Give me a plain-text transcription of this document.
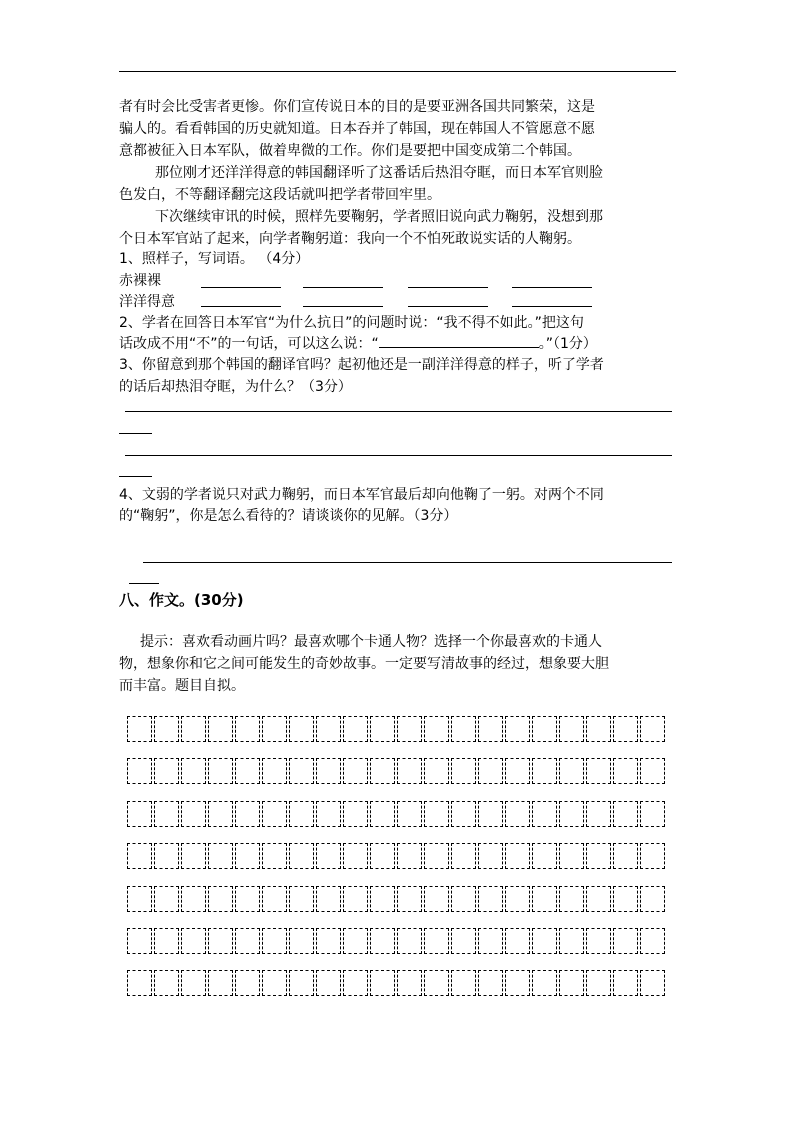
者有时会比受害者更惨。你们宣传说日本的目的是要亚洲各国共同繁荣，这是
骗人的。看看韩国的历史就知道。日本吞并了韩国，现在韩国人不管愿意不愿
意都被征入日本军队，做着卑微的工作。你们是要把中国变成第二个韩国。
那位刚才还洋洋得意的韩国翻译听了这番话后热泪夺眶，而日本军官则脸
色发白，不等翻译翻完这段话就叫把学者带回牢里。
下次继续审讯的时候，照样先要鞠躬，学者照旧说向武力鞠躬，没想到那
个日本军官站了起来，向学者鞠躬道：我向一个不怕死敢说实话的人鞠躬。
1、照样子，写词语。 （4分）
赤裸裸
洋洋得意
2、学者在回答日本军官“为什么抗日”的问题时说：“我不得不如此。”把这句
话改成不用“不”的一句话，可以这么说：“	。”（1分）
3、你留意到那个韩国的翻译官吗？起初他还是一副洋洋得意的样子，听了学者
的话后却热泪夺眶，为什么？（3分）
4、文弱的学者说只对武力鞠躬，而日本军官最后却向他鞠了一躬。对两个不同
的“鞠躬”，你是怎么看待的？请谈谈你的见解。（3分）
八、作文。(30分)
提示：喜欢看动画片吗？最喜欢哪个卡通人物？选择一个你最喜欢的卡通人
物，想象你和它之间可能发生的奇妙故事。一定要写清故事的经过，想象要大胆
而丰富。题目自拟。
